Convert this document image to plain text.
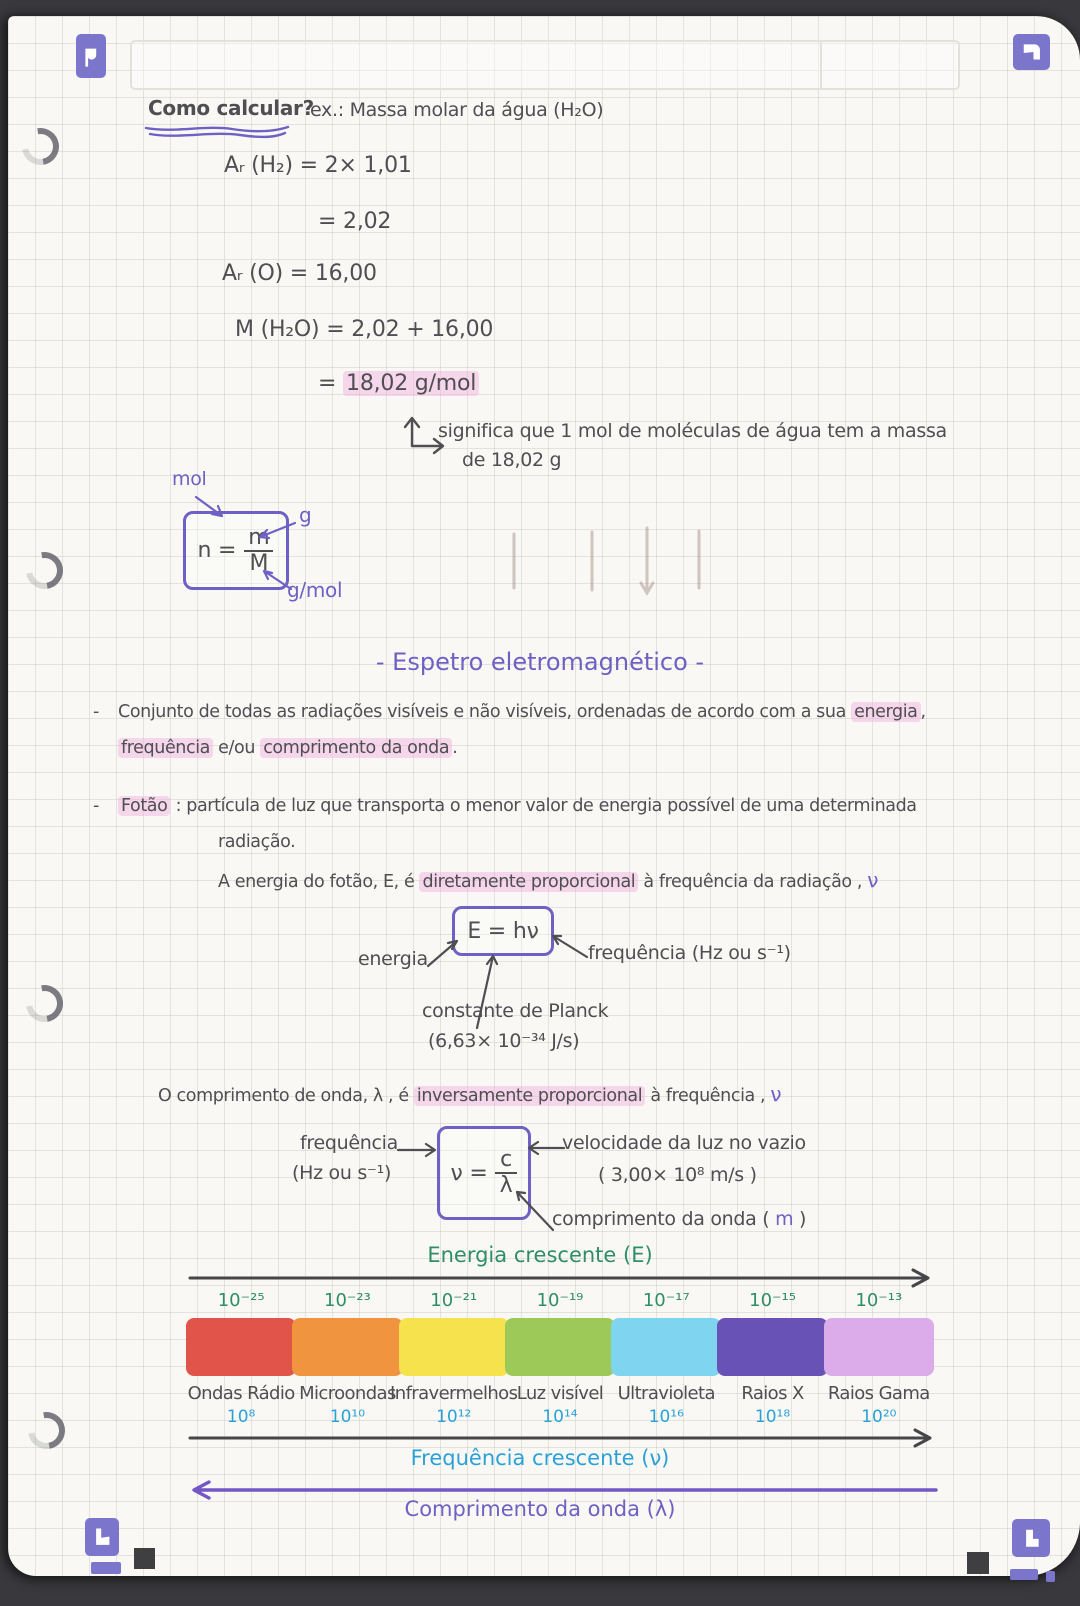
Como calcular?
ex.: Massa molar da água (H₂O)
Aᵣ (H₂) = 2× 1,01
= 2,02
Aᵣ (O) = 16,00
M (H₂O) = 2,02 + 16,00
= 18,02 g/mol
significa que 1 mol de moléculas de água tem a massa
de 18,02 g
mol
$n = \frac{m}{M}$
g
g/mol
- Espetro eletromagnético -
- Conjunto de todas as radiações visíveis e não visíveis, ordenadas de acordo com a sua energia ,
frequência e/ou comprimento da onda .
- Fotão : partícula de luz que transporta o menor valor de energia possível de uma determinada
radiação.
A energia do fotão, E, é diretamente proporcional à frequência da radiação , ν
E = hν
energia	frequência (Hz ou s⁻¹)
constante de Planck
(6,63× 10⁻³⁴ J/s)
O comprimento de onda, λ , é inversamente proporcional à frequência , ν
$\nu = \frac{c}{\lambda}$
frequência
(Hz ou s⁻¹)
velocidade da luz no vazio
( 3,00× 10⁸ m/s )
comprimento da onda ( m )
Energia crescente (E)
10⁻²⁵	10⁻²³	10⁻²¹	10⁻¹⁹	10⁻¹⁷	10⁻¹⁵	10⁻¹³
Ondas Rádio
10⁸
Microondas
10¹⁰
Infravermelhos
10¹²
Luz visível
10¹⁴
Ultravioleta
10¹⁶
Raios X
10¹⁸
Raios Gama
10²⁰
Frequência crescente (ν)
Comprimento da onda (λ)
